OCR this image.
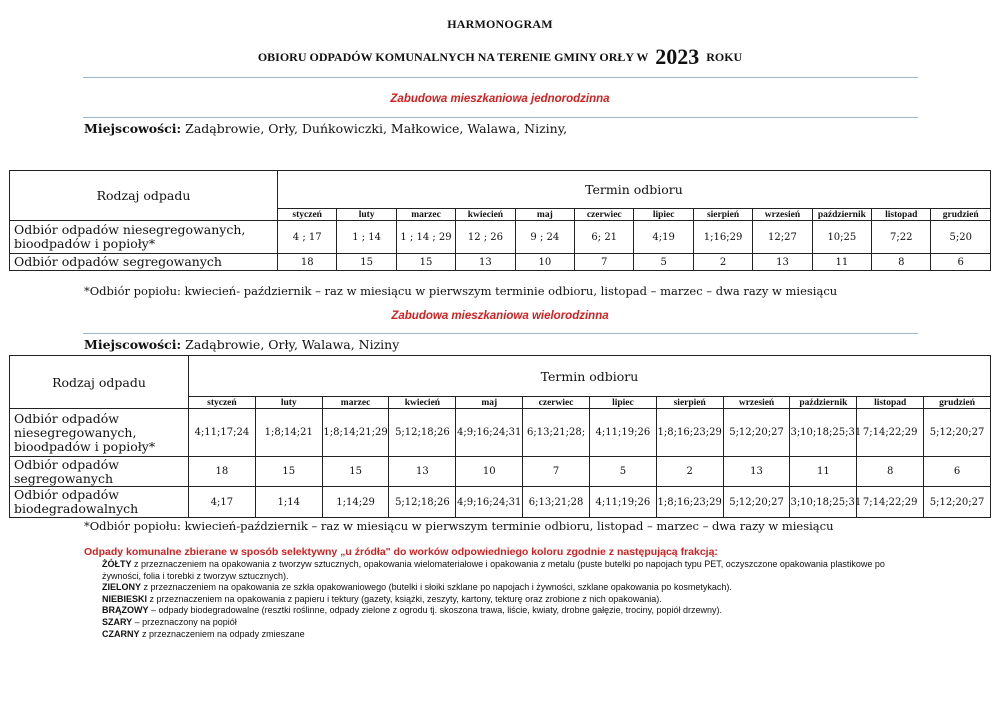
HARMONOGRAM
OBIORU ODPADÓW KOMUNALNYCH NA TERENIE GMINY ORŁY W 2023 ROKU
Zabudowa mieszkaniowa jednorodzinna
Miejscowości: Zadąbrowie, Orły, Duńkowiczki, Małkowice, Walawa, Niziny,
Rodzaj odpadu	Termin odbioru											
	styczeń	luty	marzec	kwiecień	maj	czerwiec	lipiec	sierpień	wrzesień	październik	listopad	grudzień
Odbiór odpadów niesegregowanych, bioodpadów i popioły*	4 ; 17	1 ; 14	1 ; 14 ; 29	12 ; 26	9 ; 24	6; 21	4;19	1;16;29	12;27	10;25	7;22	5;20
Odbiór odpadów segregowanych	18	15	15	13	10	7	5	2	13	11	8	6
*Odbiór popiołu: kwiecień- październik – raz w miesiącu w pierwszym terminie odbioru, listopad – marzec – dwa razy w miesiącu
Zabudowa mieszkaniowa wielorodzinna
Miejscowości: Zadąbrowie, Orły, Walawa, Niziny
Rodzaj odpadu	Termin odbioru											
	styczeń	luty	marzec	kwiecień	maj	czerwiec	lipiec	sierpień	wrzesień	październik	listopad	grudzień
Odbiór odpadów niesegregowanych, bioodpadów i popioły*	4;11;17;24	1;8;14;21	1;8;14;21;29	5;12;18;26	4;9;16;24;31	6;13;21;28;	4;11;19;26	1;8;16;23;29	5;12;20;27	3;10;18;25;31	7;14;22;29	5;12;20;27
Odbiór odpadów segregowanych	18	15	15	13	10	7	5	2	13	11	8	6
Odbiór odpadów biodegradowalnych	4;17	1;14	1;14;29	5;12;18;26	4;9;16;24;31	6;13;21;28	4;11;19;26	1;8;16;23;29	5;12;20;27	3;10;18;25;31	7;14;22;29	5;12;20;27
*Odbiór popiołu: kwiecień-październik – raz w miesiącu w pierwszym terminie odbioru, listopad – marzec – dwa razy w miesiącu
Odpady komunalne zbierane w sposób selektywny „u źródła" do worków odpowiedniego koloru zgodnie z następującą frakcją:
ŻÓŁTY z przeznaczeniem na opakowania z tworzyw sztucznych, opakowania wielomateriałowe i opakowania z metalu (puste butelki po napojach typu PET, oczyszczone opakowania plastikowe po żywności, folia i torebki z tworzyw sztucznych).
ZIELONY z przeznaczeniem na opakowania ze szkła opakowaniowego (butelki i słoiki szklane po napojach i żywności, szklane opakowania po kosmetykach).
NIEBIESKI z przeznaczeniem na opakowania z papieru i tektury (gazety, książki, zeszyty, kartony, tekturę oraz zrobione z nich opakowania).
BRĄZOWY – odpady biodegradowalne (resztki roślinne, odpady zielone z ogrodu tj. skoszona trawa, liście, kwiaty, drobne gałęzie, trociny, popiół drzewny).
SZARY – przeznaczony na popiół
CZARNY z przeznaczeniem na odpady zmieszane
